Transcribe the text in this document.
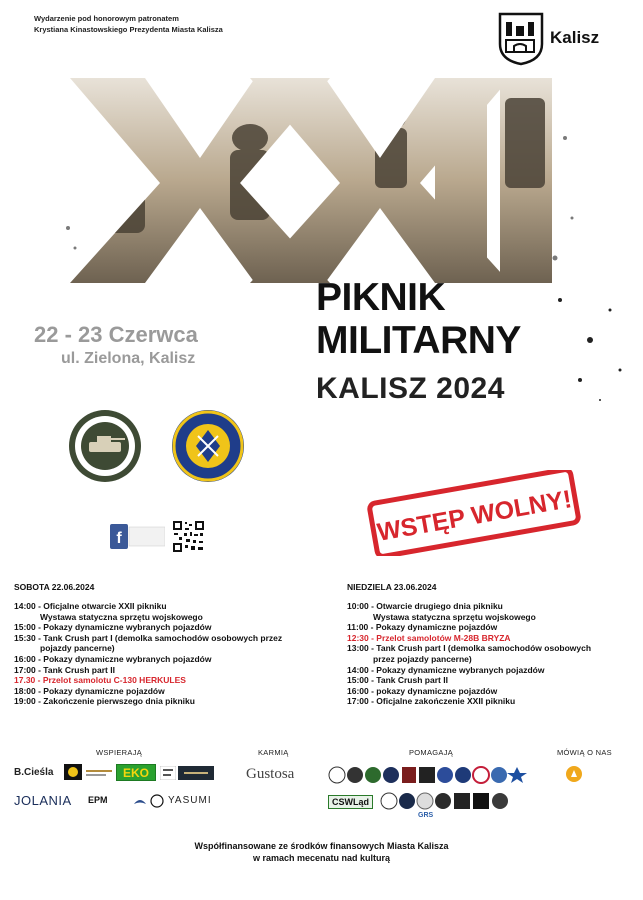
Wydarzenie pod honorowym patronatem
Krystiana Kinastowskiego Prezydenta Miasta Kalisza	Kalisz
22 - 23 Czerwca
ul. Zielona, Kalisz
PIKNIK
MILITARNY
KALISZ 2024
WSTĘP WOLNY!
f
SOBOTA 22.06.2024	NIEDZIELA 23.06.2024
14:00 - Oficjalne otwarcie XXII pikniku
Wystawa statyczna sprzętu wojskowego
15:00 - Pokazy dynamiczne wybranych pojazdów
15:30 - Tank Crush part I (demolka samochodów osobowych przez
pojazdy pancerne)
16:00 - Pokazy dynamiczne wybranych pojazdów
17:00 - Tank Crush part II
17.30 - Przelot samolotu C-130 HERKULES
18:00 - Pokazy dynamiczne pojazdów
19:00 - Zakończenie pierwszego dnia pikniku
10:00 - Otwarcie drugiego dnia pikniku
Wystawa statyczna sprzętu wojskowego
11:00 - Pokazy dynamiczne pojazdów
12:30 - Przelot samolotów M-28B BRYZA
13:00 - Tank Crush part I (demolka samochodów osobowych
przez pojazdy pancerne)
14:00 - Pokazy dynamiczne wybranych pojazdów
15:00 - Tank Crush part II
16:00 - pokazy dynamiczne pojazdów
17:00 - Oficjalne zakończenie XXII pikniku
WSPIERAJĄ	KARMIĄ	POMAGAJĄ	MÓWIĄ O NAS
B.Cieśla	EKO
JOLANIA EPM	YASUMI
Gustosa
CSWLąd
GRS
Współfinansowane ze środków finansowych Miasta Kalisza
w ramach mecenatu nad kulturą
